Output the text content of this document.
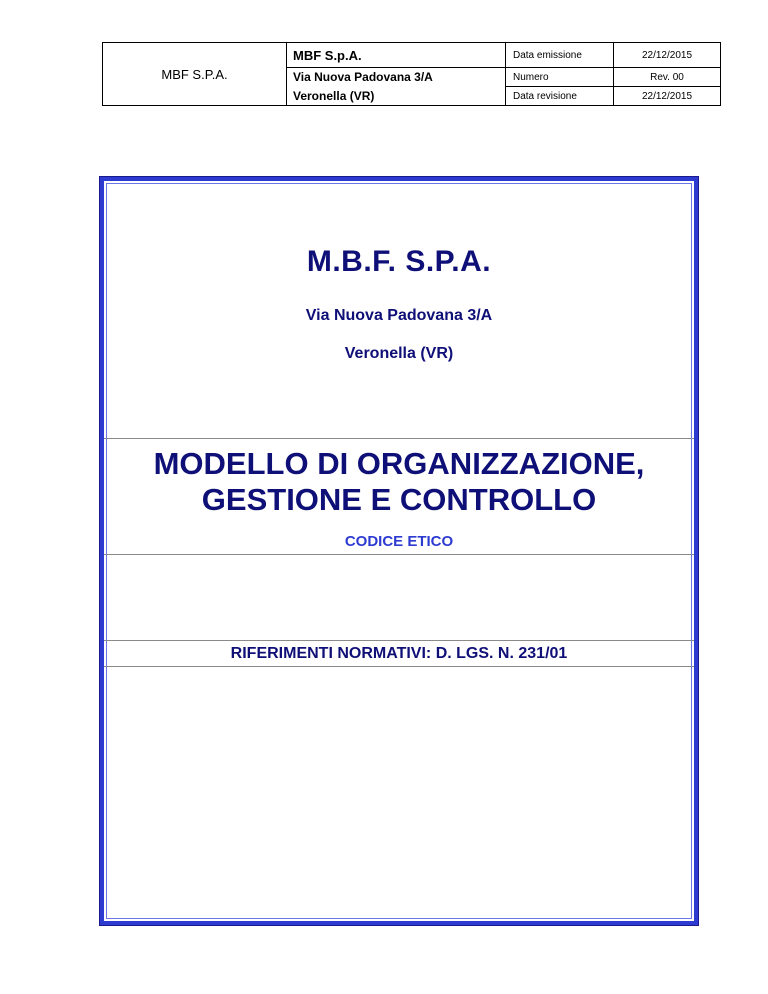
MBF S.P.A.	MBF S.p.A.	Data emissione	22/12/2015
	Via Nuova Padovana 3/A	Numero	Rev. 00
	Veronella (VR)	Data revisione	22/12/2015
M.B.F. S.P.A.
Via Nuova Padovana 3/A
Veronella (VR)
MODELLO DI ORGANIZZAZIONE,
GESTIONE E CONTROLLO
CODICE ETICO
RIFERIMENTI NORMATIVI: D. LGS. N. 231/01
